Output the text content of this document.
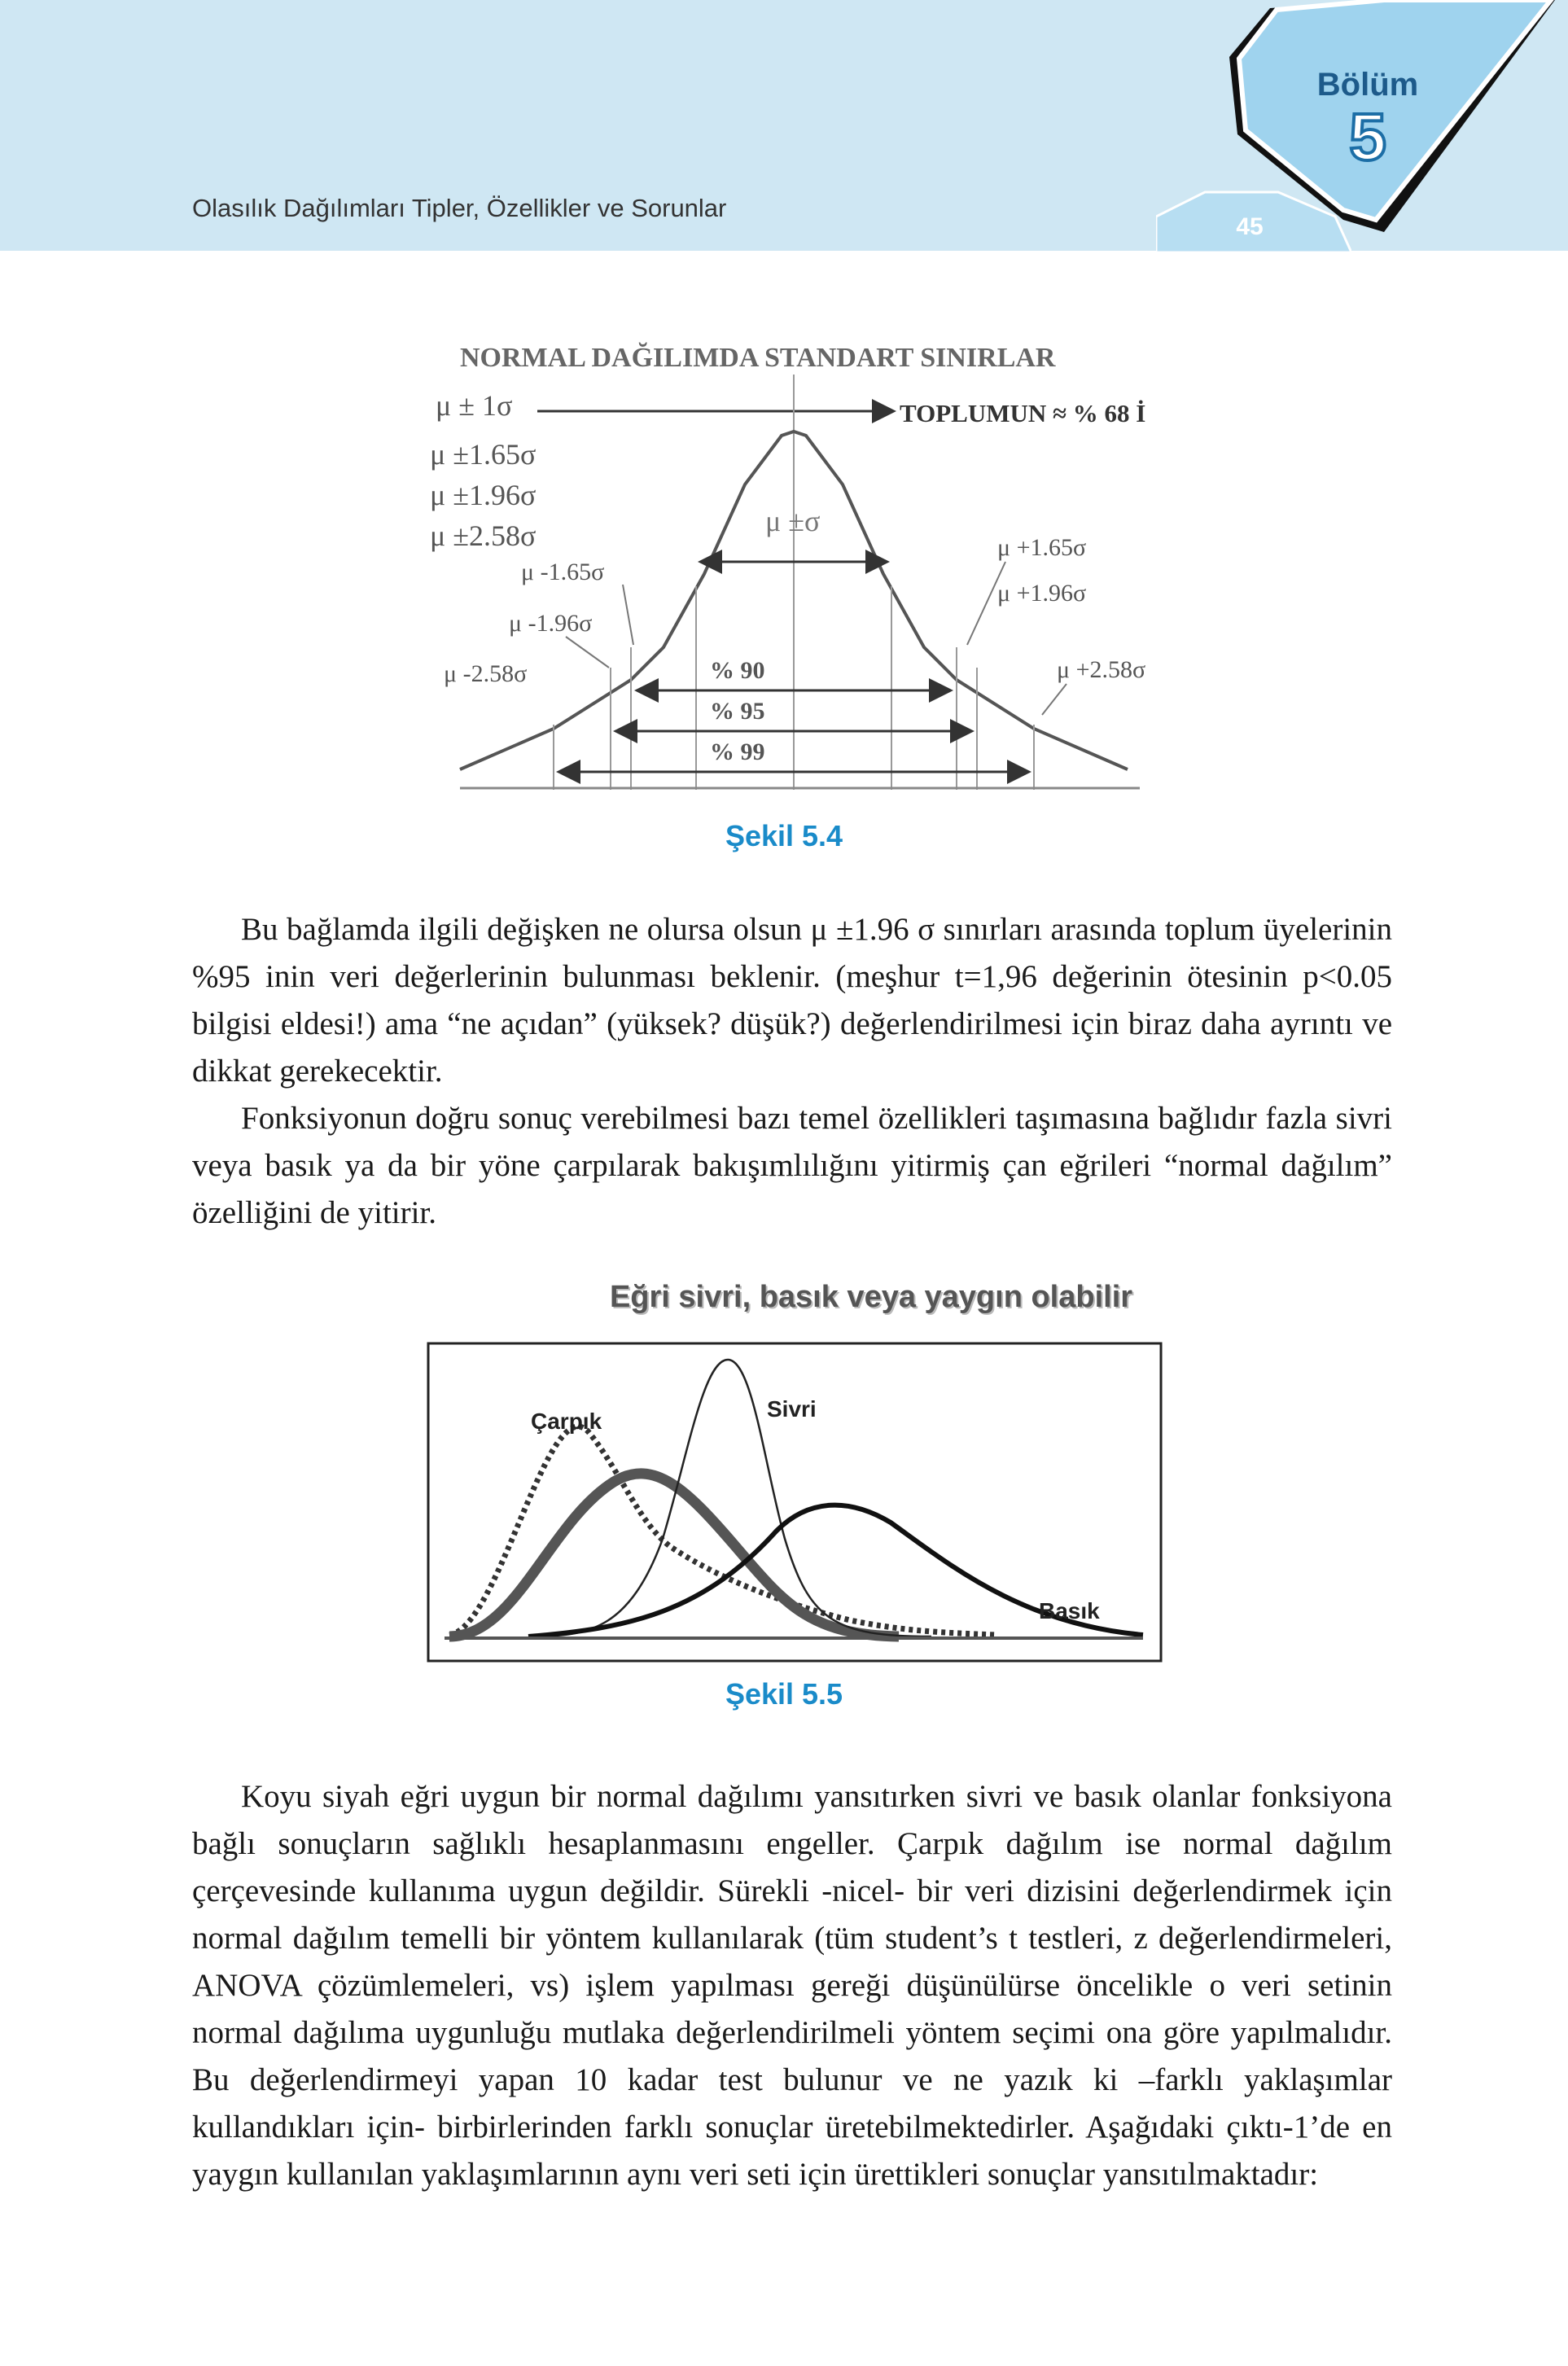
Olasılık Dağılımları Tipler, Özellikler ve Sorunlar
45
Bölüm
5
NORMAL DAĞILIMDA STANDART SINIRLAR
μ ± 1σ
μ ±1.65σ
μ ±1.96σ
μ ±2.58σ
TOPLUMUN ≈ % 68 İ
μ ±σ
μ -1.65σ
μ -1.96σ
μ -2.58σ
μ +1.65σ
μ +1.96σ
μ +2.58σ
% 90
% 95
% 99
Şekil 5.4

Bu bağlamda ilgili değişken ne olursa olsun μ ±1.96 σ sınırları arasında toplum üyelerinin %95 inin veri değerlerinin bulunması beklenir. (meşhur t=1,96 değerinin ötesinin p<0.05 bilgisi eldesi!) ama “ne açıdan” (yüksek? düşük?) değerlendirilmesi için biraz daha ayrıntı ve dikkat gerekecektir.

Fonksiyonun doğru sonuç verebilmesi bazı temel özellikleri taşımasına bağlıdır fazla sivri veya basık ya da bir yöne çarpılarak bakışımlılığını yitirmiş çan eğrileri “normal dağılım” özelliğini de yitirir.

Eğri sivri, basık veya yaygın olabilir
Çarpık	Sivri
Basık
Şekil 5.5

Koyu siyah eğri uygun bir normal dağılımı yansıtırken sivri ve basık olanlar fonksiyona bağlı sonuçların sağlıklı hesaplanmasını engeller. Çarpık dağılım ise normal dağılım çerçevesinde kullanıma uygun değildir. Sürekli -nicel- bir veri dizisini değerlendirmek için normal dağılım temelli bir yöntem kullanılarak (tüm student’s t testleri, z değerlendirmeleri, ANOVA çözümlemeleri, vs) işlem yapılması gereği düşünülürse öncelikle o veri setinin normal dağılıma uygunluğu mutlaka değerlendirilmeli yöntem seçimi ona göre yapılmalıdır. Bu değerlendirmeyi yapan 10 kadar test bulunur ve ne yazık ki –farklı yaklaşımlar kullandıkları için- birbirlerinden farklı sonuçlar üretebilmektedirler. Aşağıdaki çıktı-1’de en yaygın kullanılan yaklaşımlarının aynı veri seti için ürettikleri sonuçlar yansıtılmaktadır:
